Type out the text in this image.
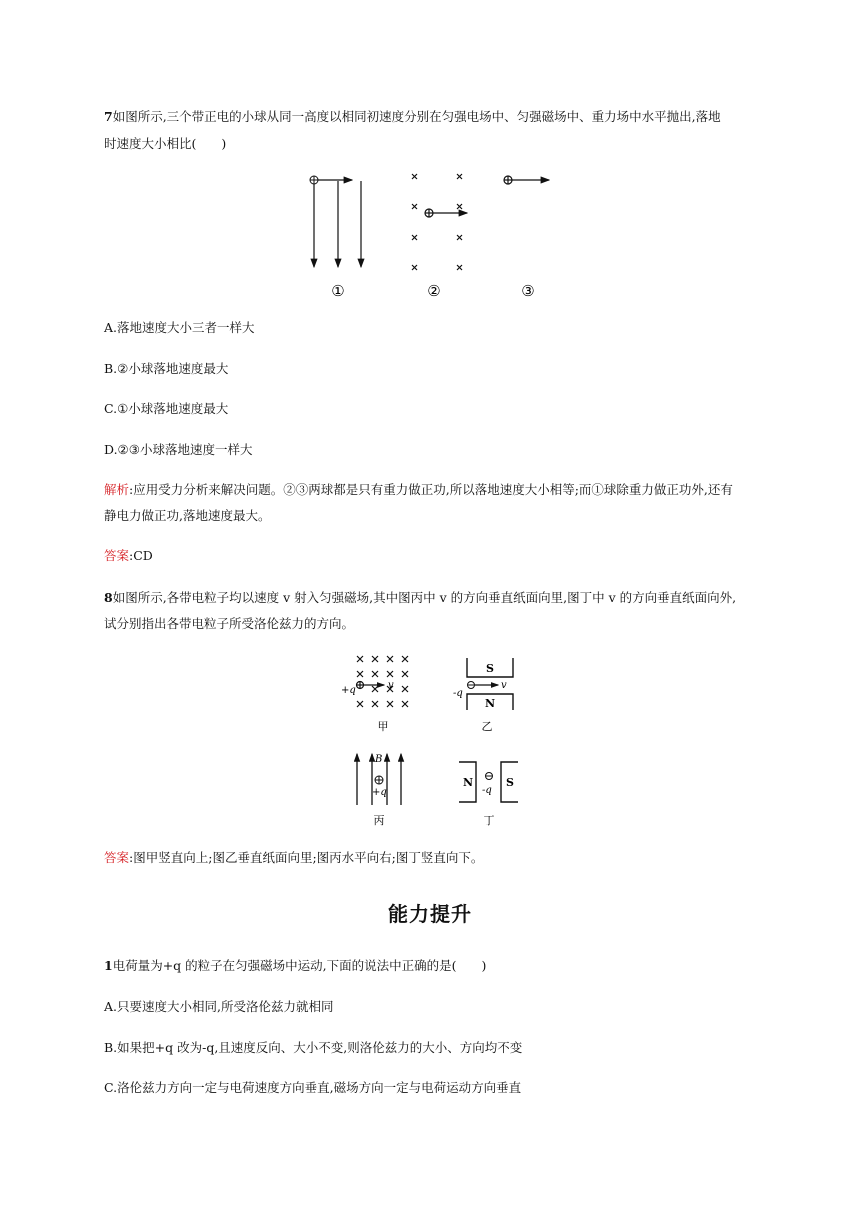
7如图所示,三个带正电的小球从同一高度以相同初速度分别在匀强电场中、匀强磁场中、重力场中水平抛出,落地
时速度大小相比(　　)
①	②	③
A.落地速度大小三者一样大
B.②小球落地速度最大
C.①小球落地速度最大
D.②③小球落地速度一样大
解析:应用受力分析来解决问题。②③两球都是只有重力做正功,所以落地速度大小相等;而①球除重力做正功外,还有
静电力做正功,落地速度最大。
答案:CD
8如图所示,各带电粒子均以速度 v 射入匀强磁场,其中图丙中 v 的方向垂直纸面向里,图丁中 v 的方向垂直纸面向外,
试分别指出各带电粒子所受洛伦兹力的方向。
+q	v
甲
S
N
-q
v
乙
B
+q
丙
N	S
-q
丁
答案:图甲竖直向上;图乙垂直纸面向里;图丙水平向右;图丁竖直向下。
能力提升
1电荷量为+q 的粒子在匀强磁场中运动,下面的说法中正确的是(　　)
A.只要速度大小相同,所受洛伦兹力就相同
B.如果把+q 改为-q,且速度反向、大小不变,则洛伦兹力的大小、方向均不变
C.洛伦兹力方向一定与电荷速度方向垂直,磁场方向一定与电荷运动方向垂直
